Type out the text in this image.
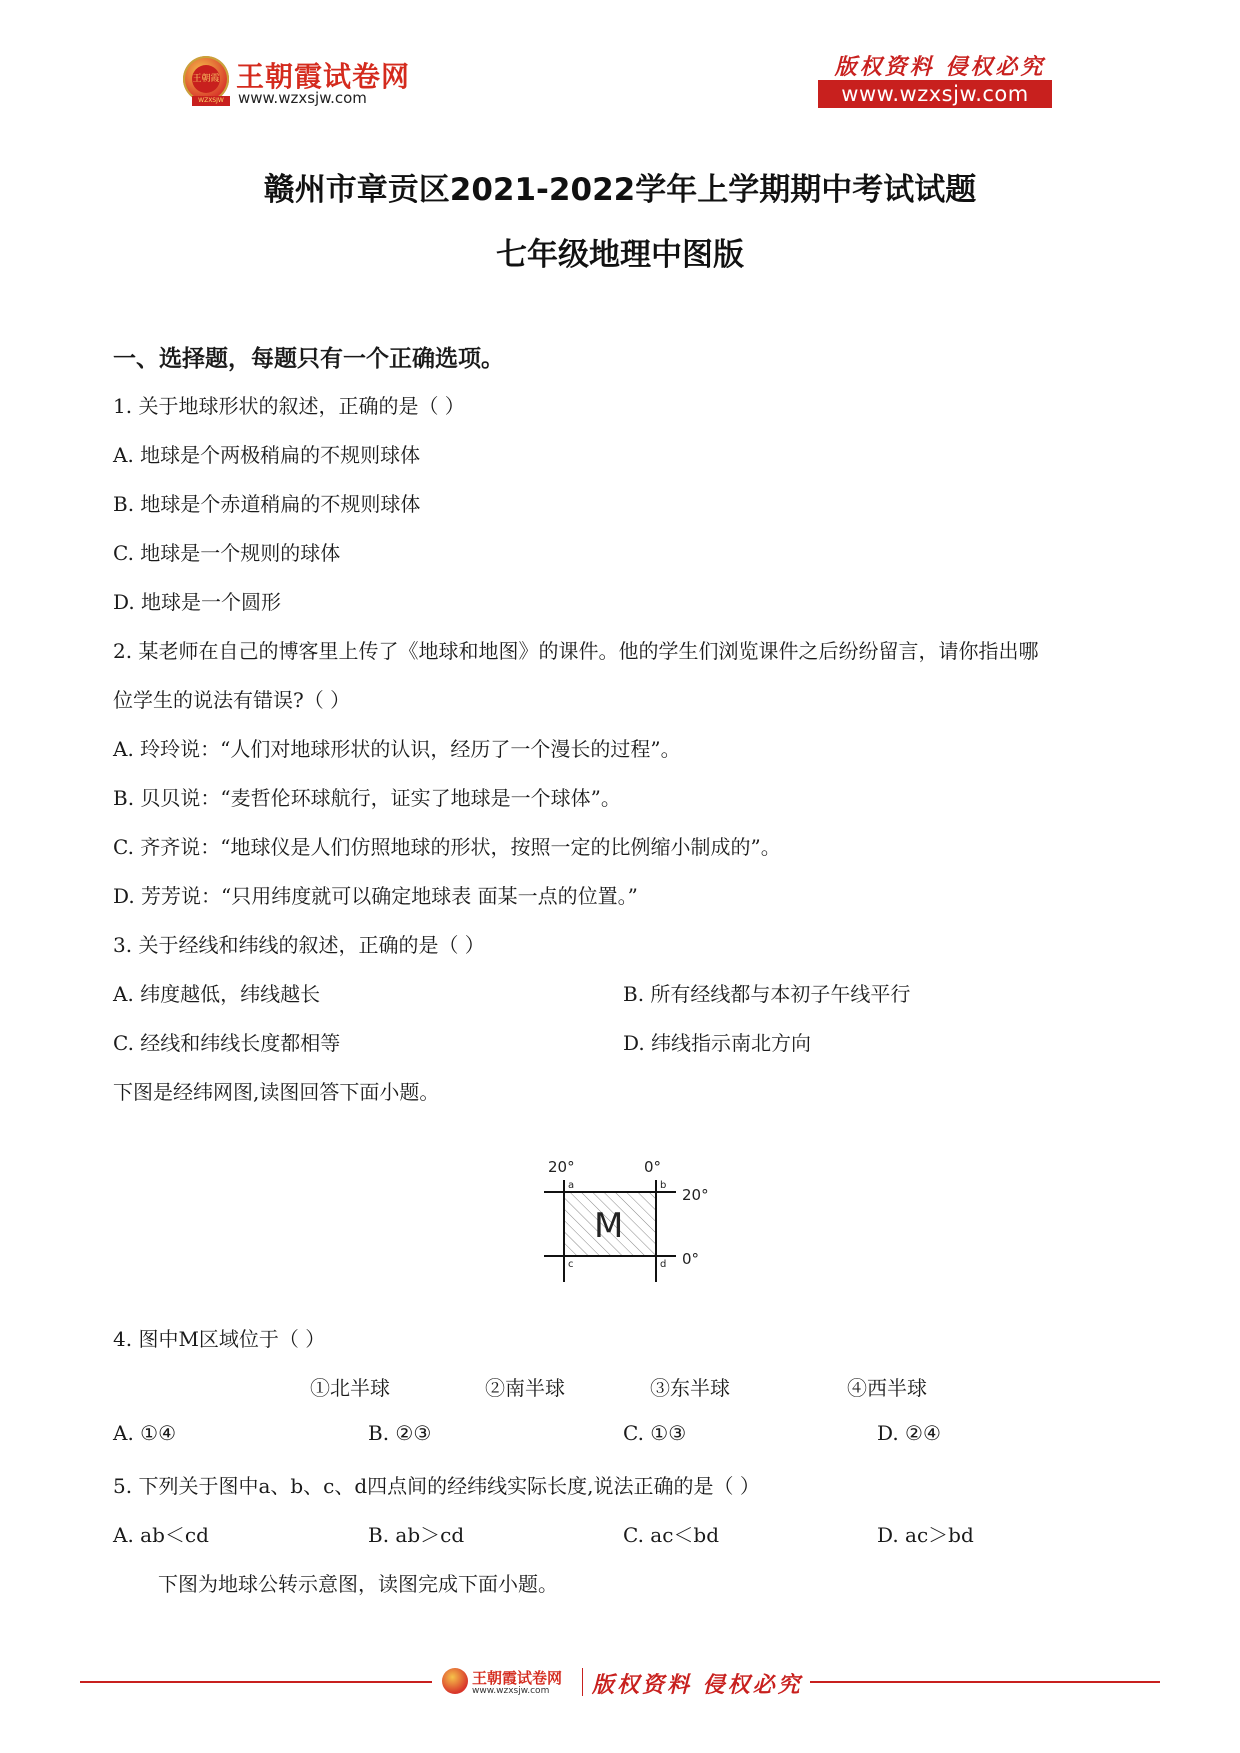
王朝霞
WZXSJW
王朝霞试卷网
www.wzxsjw.com
版权资料 侵权必究
www.wzxsjw.com
赣州市章贡区2021-2022学年上学期期中考试试题
七年级地理中图版
一、选择题，每题只有一个正确选项。
1. 关于地球形状的叙述，正确的是（ ）
A. 地球是个两极稍扁的不规则球体
B. 地球是个赤道稍扁的不规则球体
C. 地球是一个规则的球体
D. 地球是一个圆形
2. 某老师在自己的博客里上传了《地球和地图》的课件。他的学生们浏览课件之后纷纷留言，请你指出哪
位学生的说法有错误?（ ）
A. 玲玲说：“人们对地球形状的认识，经历了一个漫长的过程”。
B. 贝贝说：“麦哲伦环球航行，证实了地球是一个球体”。
C. 齐齐说：“地球仪是人们仿照地球的形状，按照一定的比例缩小制成的”。
D. 芳芳说：“只用纬度就可以确定地球表 面某一点的位置。”
3. 关于经线和纬线的叙述，正确的是（ ）
A. 纬度越低，纬线越长	B. 所有经线都与本初子午线平行
C. 经线和纬线长度都相等	D. 纬线指示南北方向
下图是经纬网图,读图回答下面小题。
20°	0°
20°
0°
M
a	b
c	d
4. 图中M区域位于（ ）
①北半球	②南半球	③东半球	④西半球
A. ①④	B. ②③	C. ①③	D. ②④
5. 下列关于图中a、b、c、d四点间的经纬线实际长度,说法正确的是（ ）
A. ab＜cd	B. ab＞cd	C. ac＜bd	D. ac＞bd
下图为地球公转示意图，读图完成下面小题。
王朝霞试卷网
www.wzxsjw.com 版权资料 侵权必究
